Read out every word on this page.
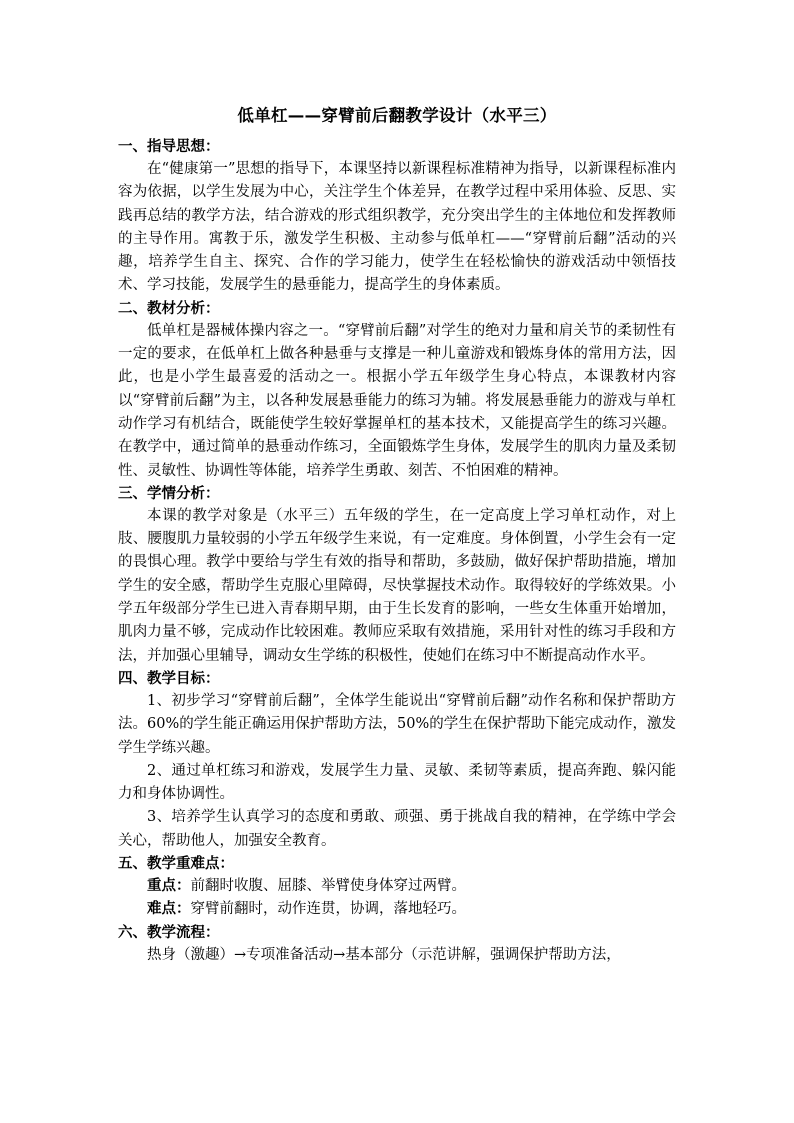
低单杠——穿臂前后翻教学设计（水平三）
一、指导思想：

在“健康第一”思想的指导下，本课坚持以新课程标准精神为指导，以新课程标准内容为依据，以学生发展为中心，关注学生个体差异，在教学过程中采用体验、反思、实践再总结的教学方法，结合游戏的形式组织教学，充分突出学生的主体地位和发挥教师的主导作用。寓教于乐，激发学生积极、主动参与低单杠——“穿臂前后翻”活动的兴趣，培养学生自主、探究、合作的学习能力，使学生在轻松愉快的游戏活动中领悟技术、学习技能，发展学生的悬垂能力，提高学生的身体素质。

二、教材分析：

低单杠是器械体操内容之一。“穿臂前后翻”对学生的绝对力量和肩关节的柔韧性有一定的要求，在低单杠上做各种悬垂与支撑是一种儿童游戏和锻炼身体的常用方法，因此，也是小学生最喜爱的活动之一。根据小学五年级学生身心特点，本课教材内容以“穿臂前后翻”为主，以各种发展悬垂能力的练习为辅。将发展悬垂能力的游戏与单杠动作学习有机结合，既能使学生较好掌握单杠的基本技术，又能提高学生的练习兴趣。在教学中，通过简单的悬垂动作练习，全面锻炼学生身体，发展学生的肌肉力量及柔韧性、灵敏性、协调性等体能，培养学生勇敢、刻苦、不怕困难的精神。

三、学情分析：

本课的教学对象是（水平三）五年级的学生，在一定高度上学习单杠动作，对上肢、腰腹肌力量较弱的小学五年级学生来说，有一定难度。身体倒置，小学生会有一定的畏惧心理。教学中要给与学生有效的指导和帮助，多鼓励，做好保护帮助措施，增加学生的安全感，帮助学生克服心里障碍，尽快掌握技术动作。取得较好的学练效果。小学五年级部分学生已进入青春期早期，由于生长发育的影响，一些女生体重开始增加，肌肉力量不够，完成动作比较困难。教师应采取有效措施，采用针对性的练习手段和方法，并加强心里辅导，调动女生学练的积极性，使她们在练习中不断提高动作水平。

四、教学目标：

1、初步学习“穿臂前后翻”，全体学生能说出“穿臂前后翻”动作名称和保护帮助方法。60%的学生能正确运用保护帮助方法，50%的学生在保护帮助下能完成动作，激发学生学练兴趣。

2、通过单杠练习和游戏，发展学生力量、灵敏、柔韧等素质，提高奔跑、躲闪能力和身体协调性。

3、培养学生认真学习的态度和勇敢、顽强、勇于挑战自我的精神，在学练中学会关心，帮助他人，加强安全教育。

五、教学重难点：

重点：前翻时收腹、屈膝、举臂使身体穿过两臂。

难点：穿臂前翻时，动作连贯，协调，落地轻巧。

六、教学流程：

热身（激趣）→专项准备活动→基本部分（示范讲解，强调保护帮助方法，
